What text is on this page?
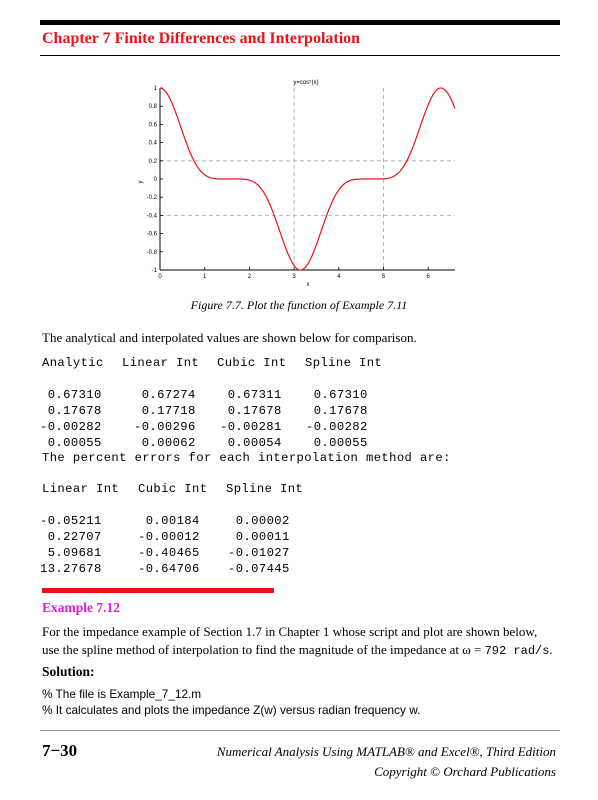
Chapter 7 Finite Differences and Interpolation
0	1	2	3	4	5	6
1
0.8
0.6
0.4
0.2
0
-0.2
-0.4
-0.6
-0.8
-1
y=cos⁵(x)
x
y
Figure 7.7. Plot the function of Example 7.11
The analytical and interpolated values are shown below for comparison.
Analytic Linear Int Cubic Int Spline Int
0.67310	0.67274 0.67311 0.67310
0.17678	0.17718 0.17678 0.17678
-0.00282	-0.00296 -0.00281 -0.00282
0.00055	0.00062 0.00054 0.00055
The percent errors for each interpolation method are:
Linear Int Cubic Int Spline Int
-0.05211	0.00184 0.00002
0.22707	-0.00012 0.00011
5.09681	-0.40465 -0.01027
13.27678	-0.64706 -0.07445
Example 7.12
For the impedance example of Section 1.7 in Chapter 1 whose script and plot are shown below,
use the spline method of interpolation to find the magnitude of the impedance at ω = 792 rad/s.
Solution:
% The file is Example_7_12.m
% It calculates and plots the impedance Z(w) versus radian frequency w.
7−30	Numerical Analysis Using MATLAB® and Excel®, Third Edition
Copyright © Orchard Publications
